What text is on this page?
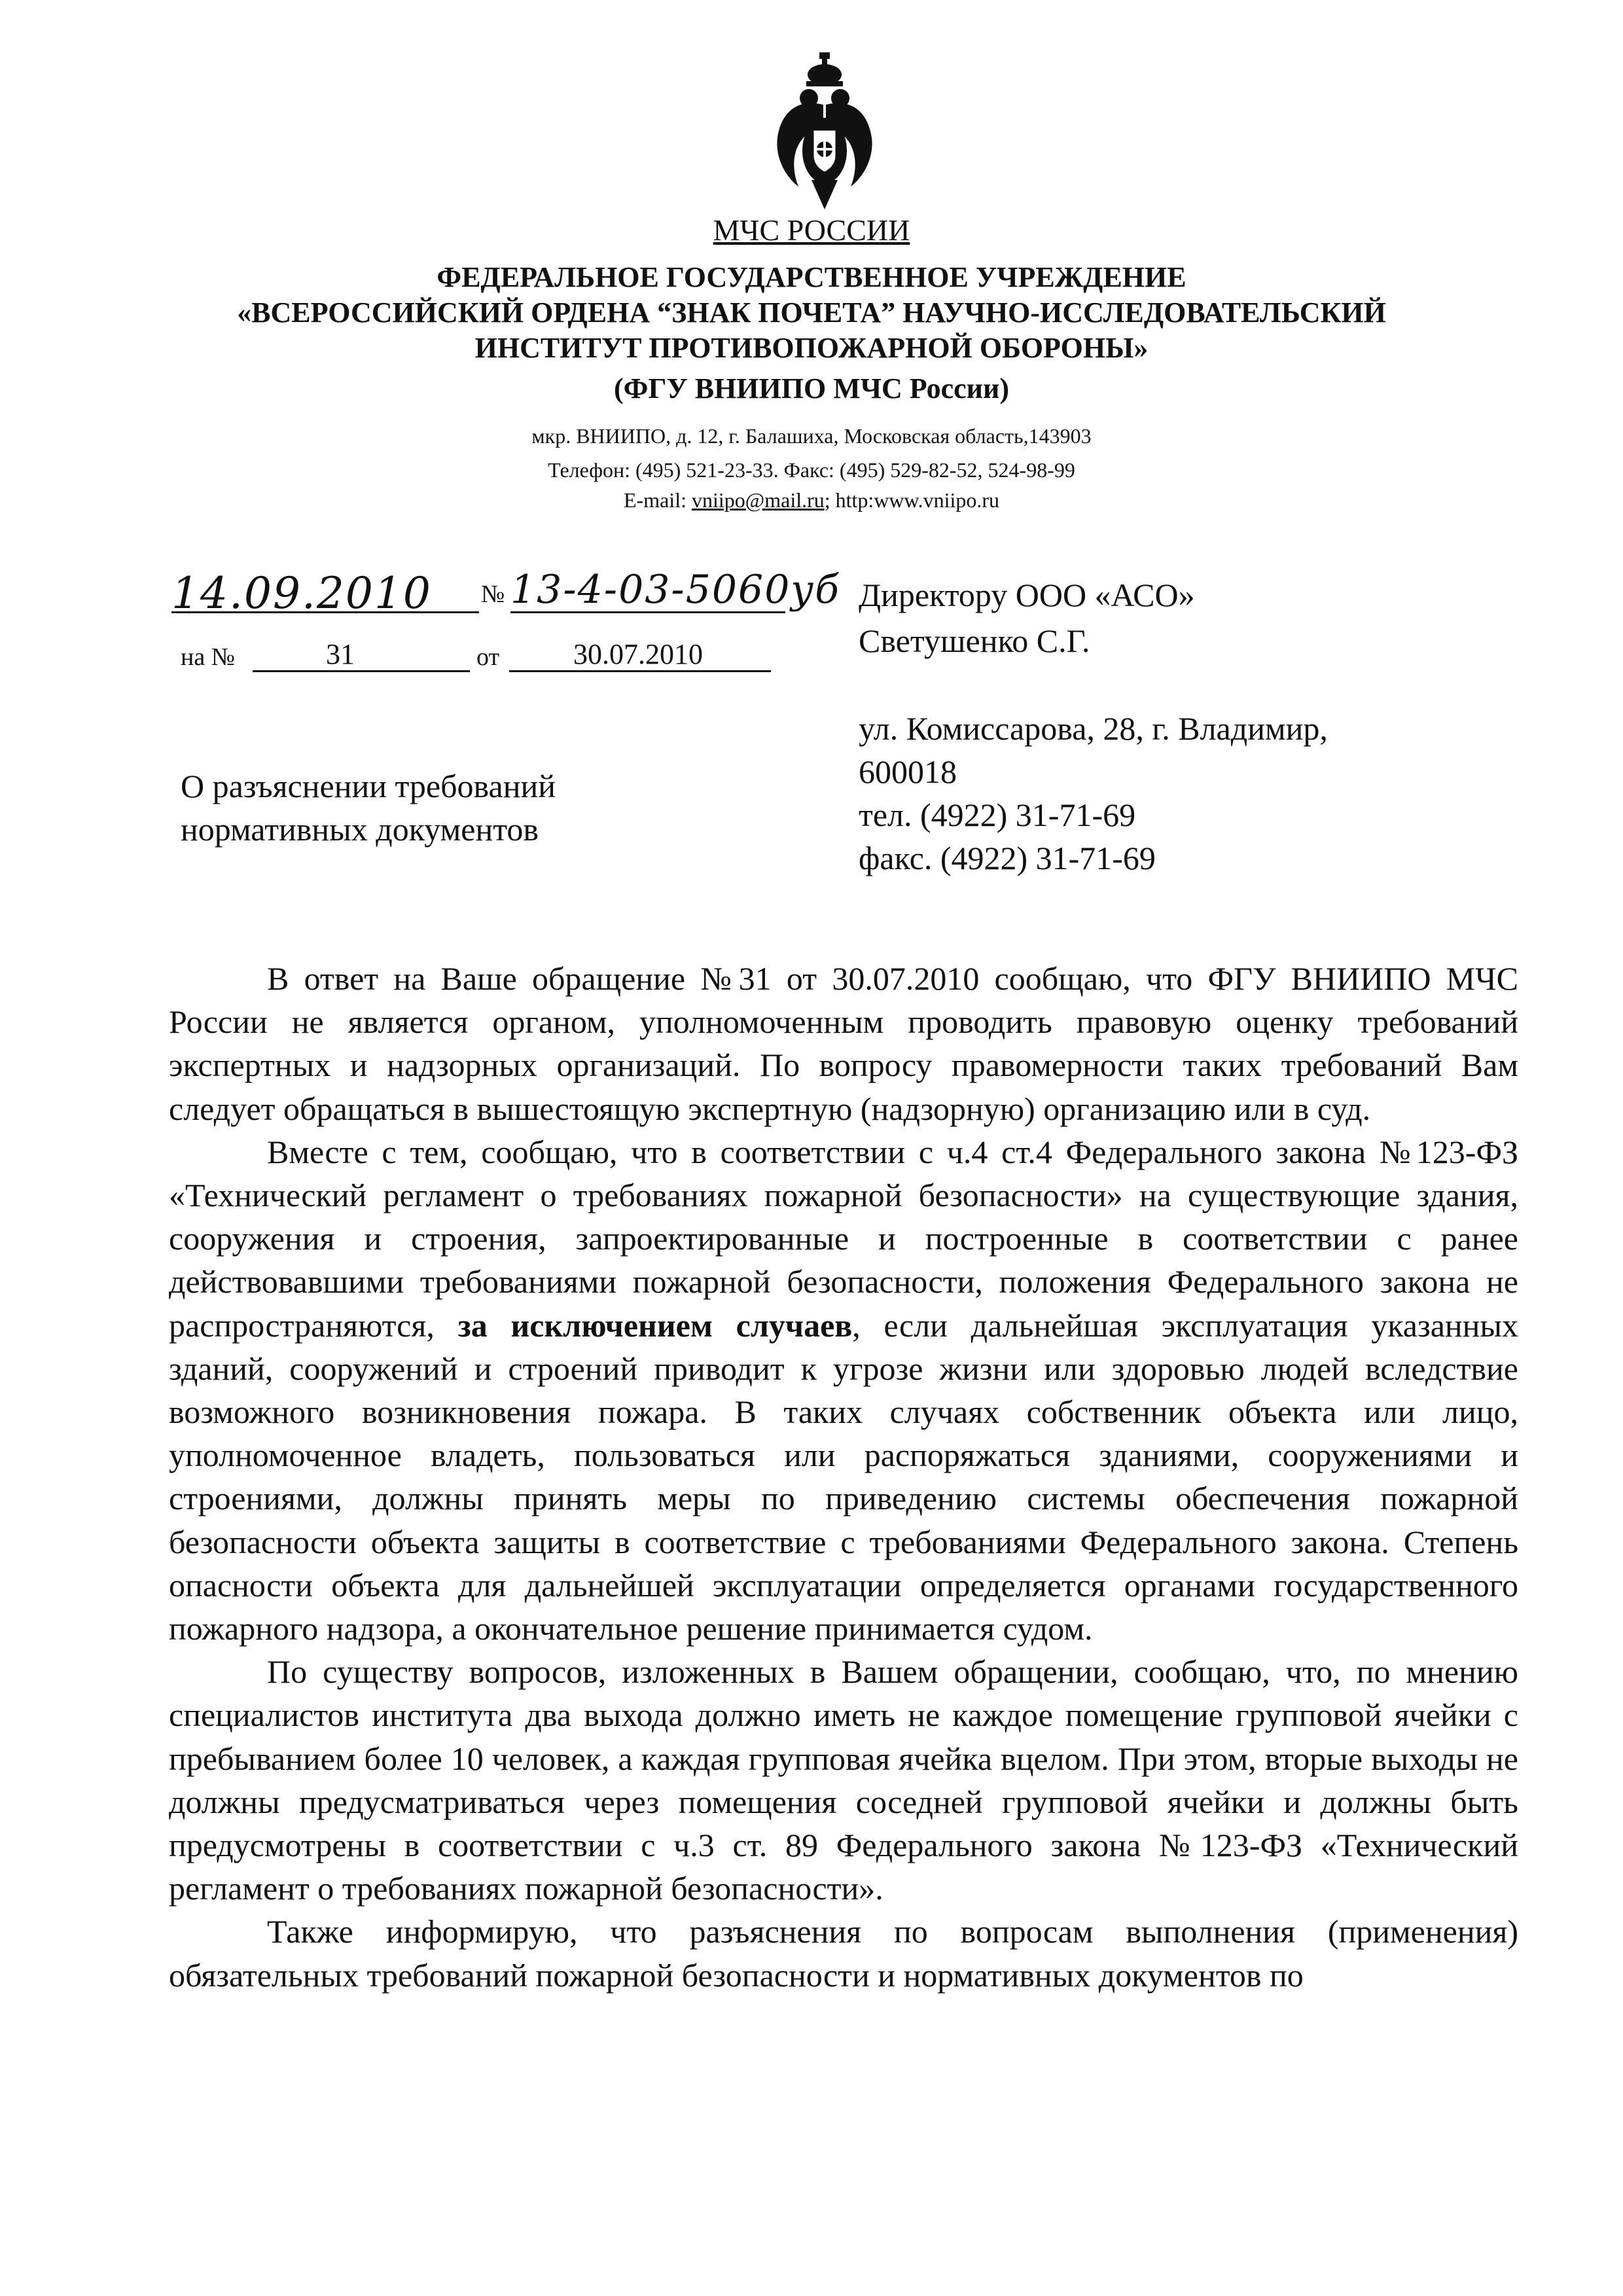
МЧС РОССИИ
ФЕДЕРАЛЬНОЕ ГОСУДАРСТВЕННОЕ УЧРЕЖДЕНИЕ
«ВСЕРОССИЙСКИЙ ОРДЕНА “ЗНАК ПОЧЕТА” НАУЧНО-ИССЛЕДОВАТЕЛЬСКИЙ
ИНСТИТУТ ПРОТИВОПОЖАРНОЙ ОБОРОНЫ»
(ФГУ ВНИИПО МЧС России)
мкр. ВНИИПО, д. 12, г. Балашиха, Московская область,143903
Телефон: (495) 521-23-33. Факс: (495) 529-82-52, 524-98-99
E-mail: vniipo@mail.ru; http:www.vniipo.ru
14.09.2010 № 13-4-03-5060уб
на №	31	от	30.07.2010
Директору ООО «АСО»
Светушенко С.Г.
ул. Комиссарова, 28, г. Владимир,
600018
тел. (4922) 31-71-69
факс. (4922) 31-71-69
О разъяснении требований
нормативных документов

В ответ на Ваше обращение №31 от 30.07.2010 сообщаю, что ФГУ ВНИИПО МЧС России не является органом, уполномоченным проводить правовую оценку требований экспертных и надзорных организаций. По вопросу правомерности таких требований Вам следует обращаться в вышестоящую экспертную (надзорную) организацию или в суд.

Вместе с тем, сообщаю, что в соответствии с ч.4 ст.4 Федерального закона №123-ФЗ «Технический регламент о требованиях пожарной безопасности» на существующие здания, сооружения и строения, запроектированные и построенные в соответствии с ранее действовавшими требованиями пожарной безопасности, положения Федерального закона не распространяются, за исключением случаев, если дальнейшая эксплуатация указанных зданий, сооружений и строений приводит к угрозе жизни или здоровью людей вследствие возможного возникновения пожара. В таких случаях собственник объекта или лицо, уполномоченное владеть, пользоваться или распоряжаться зданиями, сооружениями и строениями, должны принять меры по приведению системы обеспечения пожарной безопасности объекта защиты в соответствие с требованиями Федерального закона. Степень опасности объекта для дальнейшей эксплуатации определяется органами государственного пожарного надзора, а окончательное решение принимается судом.

По существу вопросов, изложенных в Вашем обращении, сообщаю, что, по мнению специалистов института два выхода должно иметь не каждое помещение групповой ячейки с пребыванием более 10 человек, а каждая групповая ячейка вцелом. При этом, вторые выходы не должны предусматриваться через помещения соседней групповой ячейки и должны быть предусмотрены в соответствии с ч.3 ст. 89 Федерального закона №123-ФЗ «Технический регламент о требованиях пожарной безопасности».

Также информирую, что разъяснения по вопросам выполнения (применения) обязательных требований пожарной безопасности и нормативных документов по
